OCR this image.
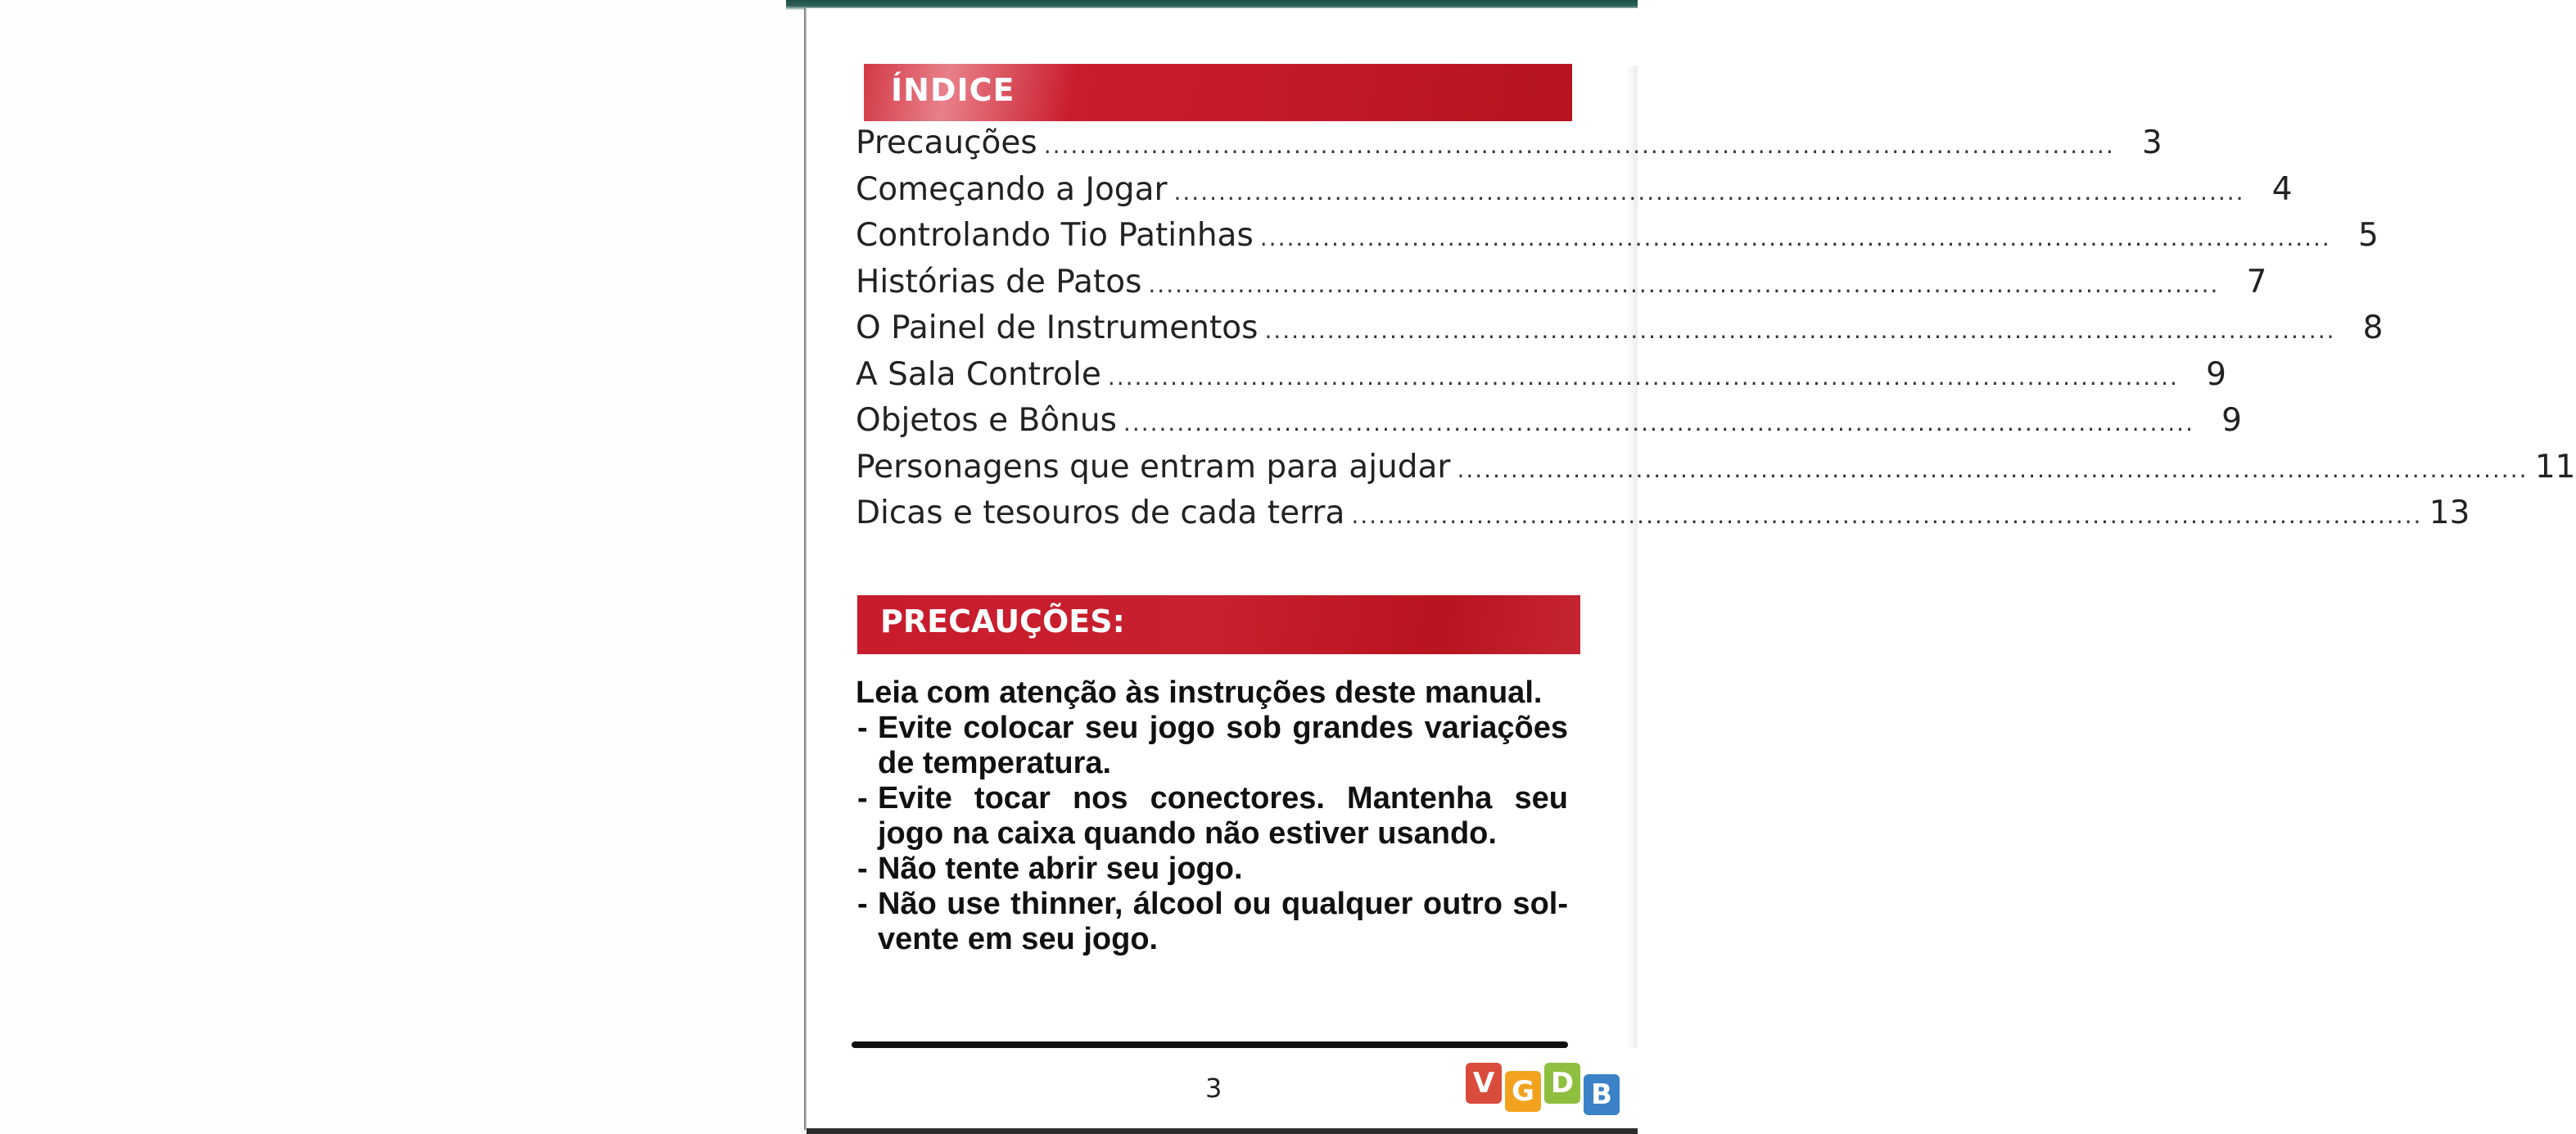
ÍNDICE
Precauções ........................................................................................................................ 3
Começando a Jogar ........................................................................................................................ 4
Controlando Tio Patinhas ........................................................................................................................ 5
Histórias de Patos ........................................................................................................................ 7
O Painel de Instrumentos ........................................................................................................................ 8
A Sala Controle ........................................................................................................................ 9
Objetos e Bônus ........................................................................................................................ 9
Personagens que entram para ajudar ........................................................................................................................ 11
Dicas e tesouros de cada terra ........................................................................................................................ 13
PRECAUÇÕES:
Leia com atenção às instruções deste manual.
- Evite colocar seu jogo sob grandes variações de temperatura.
- Evite tocar nos conectores. Mantenha seu jogo na caixa quando não estiver usando.
- Não tente abrir seu jogo.
- Não use thinner, álcool ou qualquer outro sol-vente em seu jogo.
3	V G D B
